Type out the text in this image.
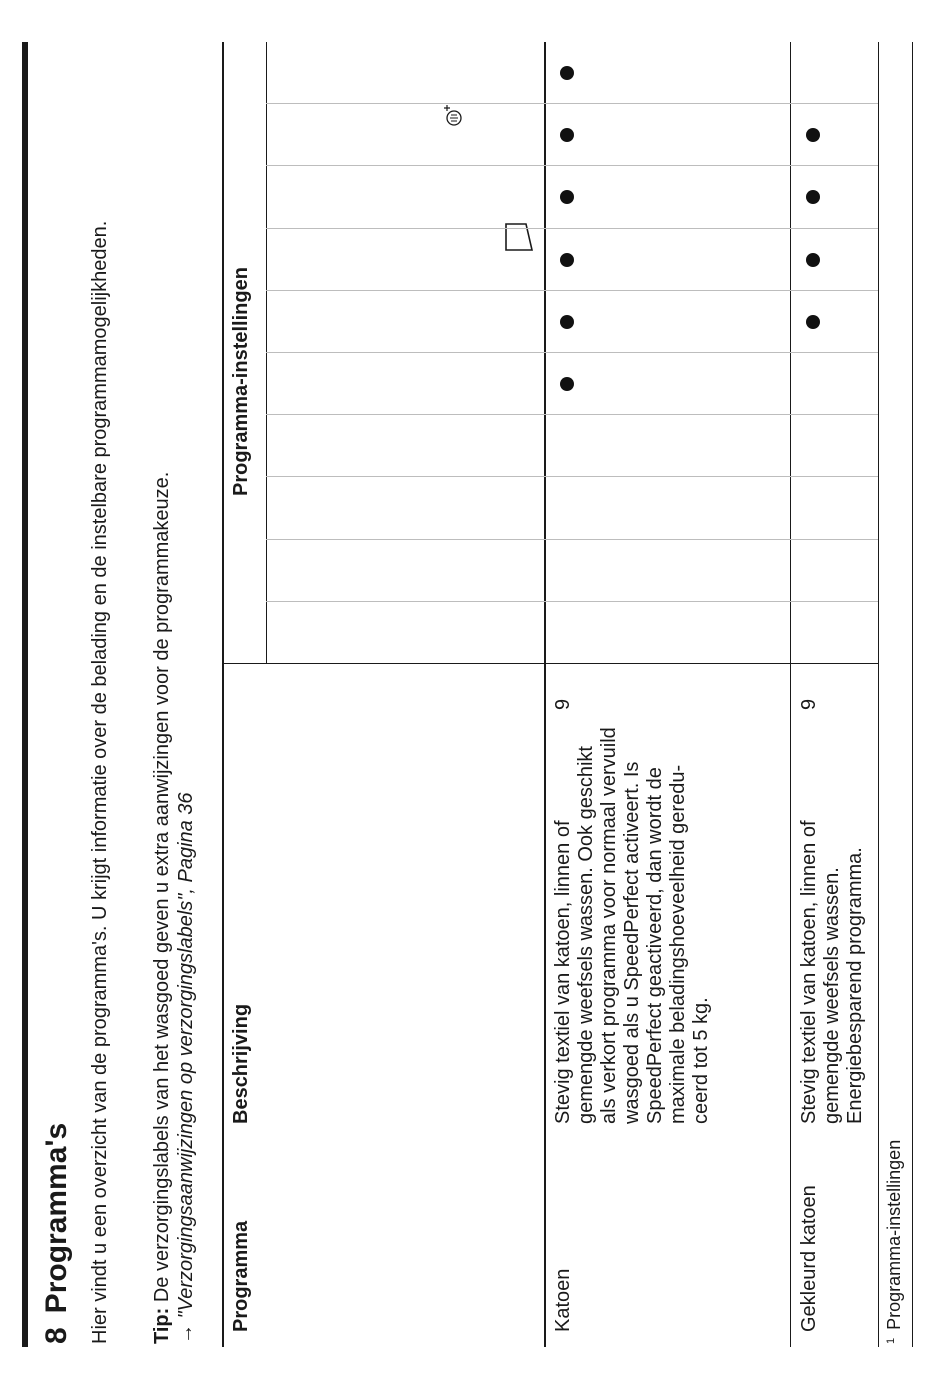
8Programma's Hier vindt u een overzicht van de programma's. U krijgt informatie over de belading en de instelbare programmamogelijkheden. Tip: De verzorgingslabels van het wasgoed geven u extra aanwijzingen voor de programmakeuze.
→ "Verzorgingsaanwijzingen op verzorgingslabels", Pagina 36 Programma
Beschrijving
Programma-instellingen
Katoen
Stevig textiel van katoen, linnen of gemengde weefsels wassen. Ook geschikt als verkort programma voor normaal vervuild wasgoed als u SpeedPerfect activeert. Is SpeedPerfect geactiveerd, dan wordt de maximale beladingshoeveelheid gereduceerd tot 5 kg.
9
Gekleurd katoen
Stevig textiel van katoen, linnen of gemengde weefsels wassen. Energiebesparend programma.
9
$^1$Programma-instellingen
